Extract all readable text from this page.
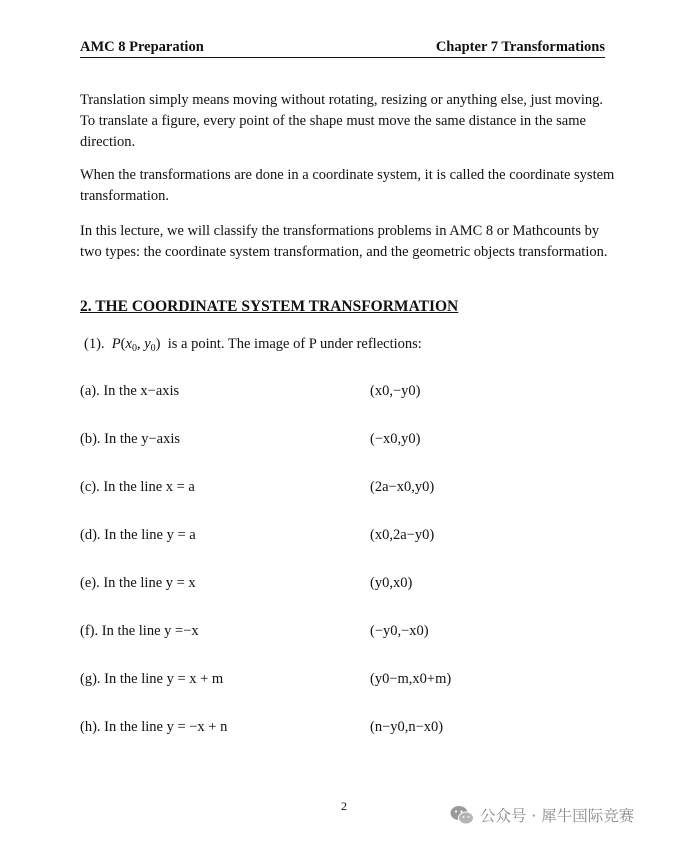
AMC 8 Preparation	Chapter 7 Transformations

Translation simply means moving without rotating, resizing or anything else, just moving. To translate a figure, every point of the shape must move the same distance in the same direction.

When the transformations are done in a coordinate system, it is called the coordinate system transformation.

In this lecture, we will classify the transformations problems in AMC 8 or Mathcounts by two types: the coordinate system transformation, and the geometric objects transformation.

2. THE COORDINATE SYSTEM TRANSFORMATION
(1). $P(x_0$, $y_0$) is a point. The image of P under reflections:
(a). In the x−axis	(x0,−y0)
(b). In the y−axis	(−x0,y0)
(c). In the line x = a	(2a−x0,y0)
(d). In the line y = a	(x0,2a−y0)
(e). In the line y = x	(y0,x0)
(f). In the line y =−x	(−y0,−x0)
(g). In the line y = x + m	(y0−m,x0+m)
(h). In the line y = −x + n	(n−y0,n−x0)
2
公众号 · 犀牛国际竞赛
